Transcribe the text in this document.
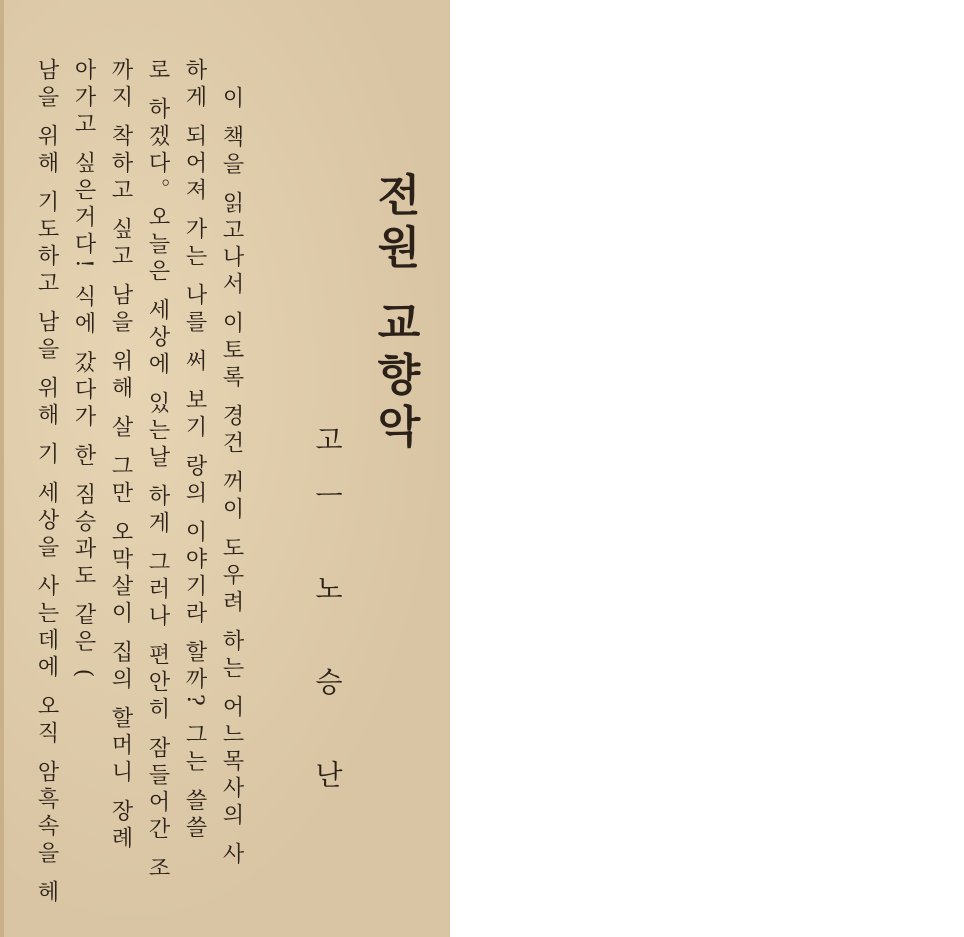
전원 교향악
고ㅡ 노 승 난
이 책을 읽고나서 이토록 경건 꺼이 도우려 하는 어느목사의 사
하게 되어져 가는 나를 써 보기 랑의 이야기라 할까? 그는 쓸쓸
로 하겠다。오늘은 세상에 있는날 하게 그러나 편안히 잠들어간 조
까지 착하고 싶고 남을 위해 살 그만 오막살이 집의 할머니 장례
아가고 싶은거다! 식에 갔다가 한 짐승과도 같은 (
남을 위해 기도하고 남을 위해 기 세상을 사는데에 오직 암흑속을 헤
